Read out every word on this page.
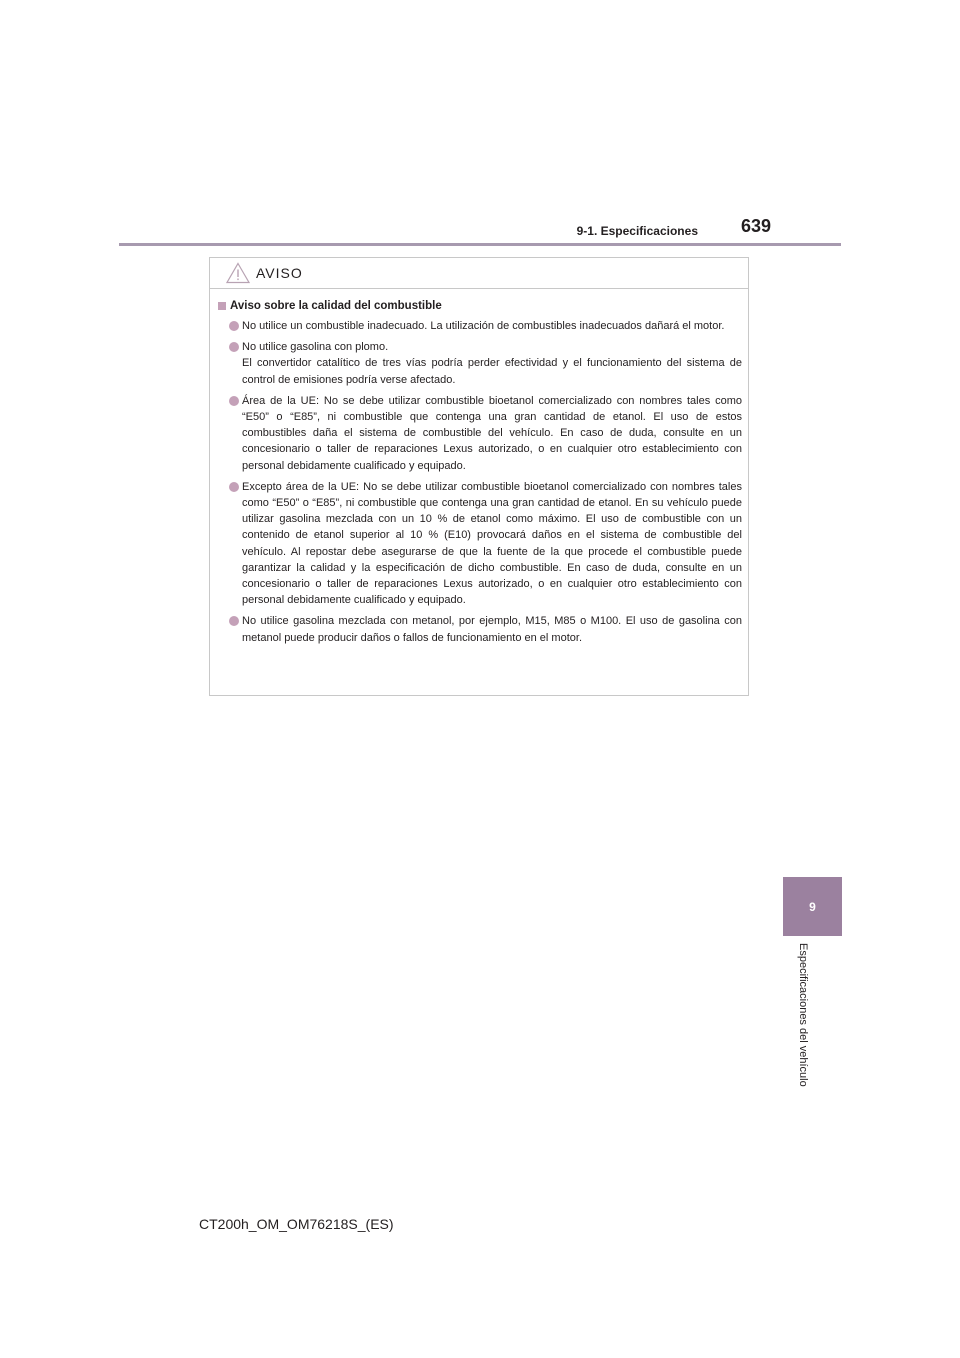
9-1. Especificaciones 639
9
Especificaciones del vehículo
AVISO
Aviso sobre la calidad del combustible
No utilice un combustible inadecuado. La utilización de combustibles inadecuados dañará el motor.
No utilice gasolina con plomo.
El convertidor catalítico de tres vías podría perder efectividad y el funcionamiento del sistema de control de emisiones podría verse afectado.
Área de la UE: No se debe utilizar combustible bioetanol comercializado con nombres tales como “E50” o “E85”, ni combustible que contenga una gran cantidad de etanol. El uso de estos combustibles daña el sistema de combustible del vehículo. En caso de duda, consulte en un concesionario o taller de reparaciones Lexus autorizado, o en cualquier otro establecimiento con personal debidamente cualificado y equipado.
Excepto área de la UE: No se debe utilizar combustible bioetanol comercializado con nombres tales como “E50” o “E85”, ni combustible que contenga una gran cantidad de etanol. En su vehículo puede utilizar gasolina mezclada con un 10 % de etanol como máximo. El uso de combustible con un contenido de etanol superior al 10 % (E10) provocará daños en el sistema de combustible del vehículo. Al repostar debe asegurarse de que la fuente de la que procede el combustible puede garantizar la calidad y la especificación de dicho combustible. En caso de duda, consulte en un concesionario o taller de reparaciones Lexus autorizado, o en cualquier otro establecimiento con personal debidamente cualificado y equipado.
No utilice gasolina mezclada con metanol, por ejemplo, M15, M85 o M100. El uso de gasolina con metanol puede producir daños o fallos de funcionamiento en el motor.
CT200h_OM_OM76218S_(ES)
